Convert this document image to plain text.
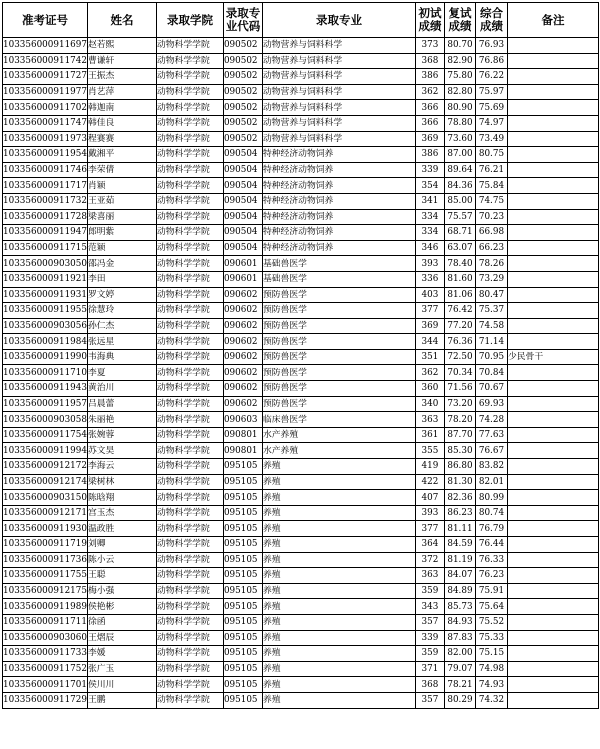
准考证号	姓名	录取学院	录取专业代码	录取专业	初试成绩	复试成绩	综合成绩	备注
103356000911697	赵若熙	动物科学学院	090502	动物营养与饲料科学	373	80.70	76.93	
103356000911742	曹谦轩	动物科学学院	090502	动物营养与饲料科学	368	82.90	76.86	
103356000911727	王振杰	动物科学学院	090502	动物营养与饲料科学	386	75.80	76.22	
103356000911977	肖艺萍	动物科学学院	090502	动物营养与饲料科学	362	82.80	75.97	
103356000911702	韩迦南	动物科学学院	090502	动物营养与饲料科学	366	80.90	75.69	
103356000911747	韩佳良	动物科学学院	090502	动物营养与饲料科学	366	78.80	74.97	
103356000911973	程赛赛	动物科学学院	090502	动物营养与饲料科学	369	73.60	73.49	
103356000911954	戴湘平	动物科学学院	090504	特种经济动物饲养	386	87.00	80.75	
103356000911746	李荣倩	动物科学学院	090504	特种经济动物饲养	339	89.64	76.21	
103356000911717	肖颖	动物科学学院	090504	特种经济动物饲养	354	84.36	75.84	
103356000911732	王亚茹	动物科学学院	090504	特种经济动物饲养	341	85.00	74.75	
103356000911728	梁喜丽	动物科学学院	090504	特种经济动物饲养	334	75.57	70.23	
103356000911947	郎明紫	动物科学学院	090504	特种经济动物饲养	334	68.71	66.98	
103356000911715	范颖	动物科学学院	090504	特种经济动物饲养	346	63.07	66.23	
103356000903050	邵冯金	动物科学学院	090601	基础兽医学	393	78.40	78.26	
103356000911921	李田	动物科学学院	090601	基础兽医学	336	81.60	73.29	
103356000911931	罗文婷	动物科学学院	090602	预防兽医学	403	81.06	80.47	
103356000911955	徐慧玲	动物科学学院	090602	预防兽医学	377	76.42	75.37	
103356000903056	孙仁杰	动物科学学院	090602	预防兽医学	369	77.20	74.58	
103356000911984	张远星	动物科学学院	090602	预防兽医学	344	76.36	71.14	
103356000911990	韦海典	动物科学学院	090602	预防兽医学	351	72.50	70.95	少民骨干
103356000911710	李夏	动物科学学院	090602	预防兽医学	362	70.34	70.84	
103356000911943	黄治川	动物科学学院	090602	预防兽医学	360	71.56	70.67	
103356000911957	吕晨蕾	动物科学学院	090602	预防兽医学	340	73.20	69.93	
103356000903058	朱丽艳	动物科学学院	090603	临床兽医学	363	78.20	74.28	
103356000911754	张婉蓉	动物科学学院	090801	水产养殖	361	87.70	77.63	
103356000911994	苏文昊	动物科学学院	090801	水产养殖	355	85.30	76.67	
103356000912172	李海云	动物科学学院	095105	养殖	419	86.80	83.82	
103356000912174	梁树林	动物科学学院	095105	养殖	422	81.30	82.01	
103356000903150	陈晗翔	动物科学学院	095105	养殖	407	82.36	80.99	
103356000912171	宫玉杰	动物科学学院	095105	养殖	393	86.23	80.74	
103356000911930	温政胜	动物科学学院	095105	养殖	377	81.11	76.79	
103356000911719	刘卿	动物科学学院	095105	养殖	364	84.59	76.44	
103356000911736	陈小云	动物科学学院	095105	养殖	372	81.19	76.33	
103356000911755	王聪	动物科学学院	095105	养殖	363	84.07	76.23	
103356000912175	梅小强	动物科学学院	095105	养殖	359	84.89	75.91	
103356000911989	侯艳彬	动物科学学院	095105	养殖	343	85.73	75.64	
103356000911711	徐函	动物科学学院	095105	养殖	357	84.93	75.52	
103356000903060	王熠辰	动物科学学院	095105	养殖	339	87.83	75.33	
103356000911733	李媛	动物科学学院	095105	养殖	359	82.00	75.15	
103356000911752	张广玉	动物科学学院	095105	养殖	371	79.07	74.98	
103356000911701	侯川川	动物科学学院	095105	养殖	368	78.21	74.93	
103356000911729	王鹏	动物科学学院	095105	养殖	357	80.29	74.32	
